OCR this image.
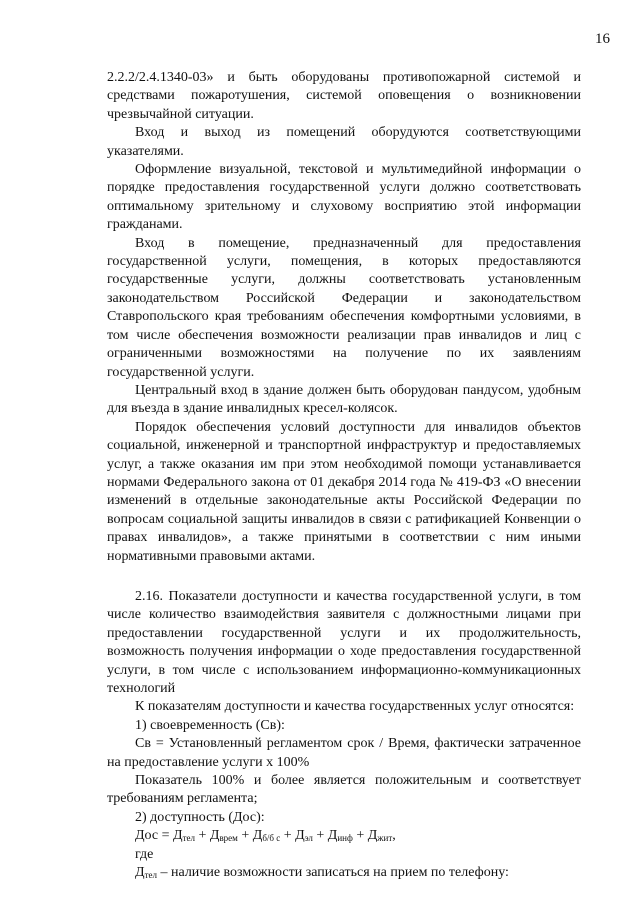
16

2.2.2/2.4.1340-03» и быть оборудованы противопожарной системой и средствами пожаротушения, системой оповещения о возникновении чрезвычайной ситуации.

Вход и выход из помещений оборудуются соответствующими указателями.

Оформление визуальной, текстовой и мультимедийной информации о порядке предоставления государственной услуги должно соответствовать оптимальному зрительному и слуховому восприятию этой информации гражданами.

Вход в помещение, предназначенный для предоставления государственной услуги, помещения, в которых предоставляются государственные услуги, должны соответствовать установленным законодательством Российской Федерации и законодательством Ставропольского края требованиям обеспечения комфортными условиями, в том числе обеспечения возможности реализации прав инвалидов и лиц с ограниченными возможностями на получение по их заявлениям государственной услуги.

Центральный вход в здание должен быть оборудован пандусом, удобным для въезда в здание инвалидных кресел-колясок.

Порядок обеспечения условий доступности для инвалидов объектов социальной, инженерной и транспортной инфраструктур и предоставляемых услуг, а также оказания им при этом необходимой помощи устанавливается нормами Федерального закона от 01 декабря 2014 года № 419-ФЗ «О внесении изменений в отдельные законодательные акты Российской Федерации по вопросам социальной защиты инвалидов в связи с ратификацией Конвенции о правах инвалидов», а также принятыми в соответствии с ним иными нормативными правовыми актами.

2.16. Показатели доступности и качества государственной услуги, в том числе количество взаимодействия заявителя с должностными лицами при предоставлении государственной услуги и их продолжительность, возможность получения информации о ходе предоставления государственной услуги, в том числе с использованием информационно-коммуникационных технологий

К показателям доступности и качества государственных услуг относятся:

1) своевременность (Св):

Св = Установленный регламентом срок / Время, фактически затраченное на предоставление услуги х 100%

Показатель 100% и более является положительным и соответствует требованиям регламента;

2) доступность (Дос):

Дос = $Д_{тел} + Д_{врем} + Д_{б/б с} + Д_{эл} + Д_{инф} + Д_{жит}$,

где

$Д_{тел}$ – наличие возможности записаться на прием по телефону:
